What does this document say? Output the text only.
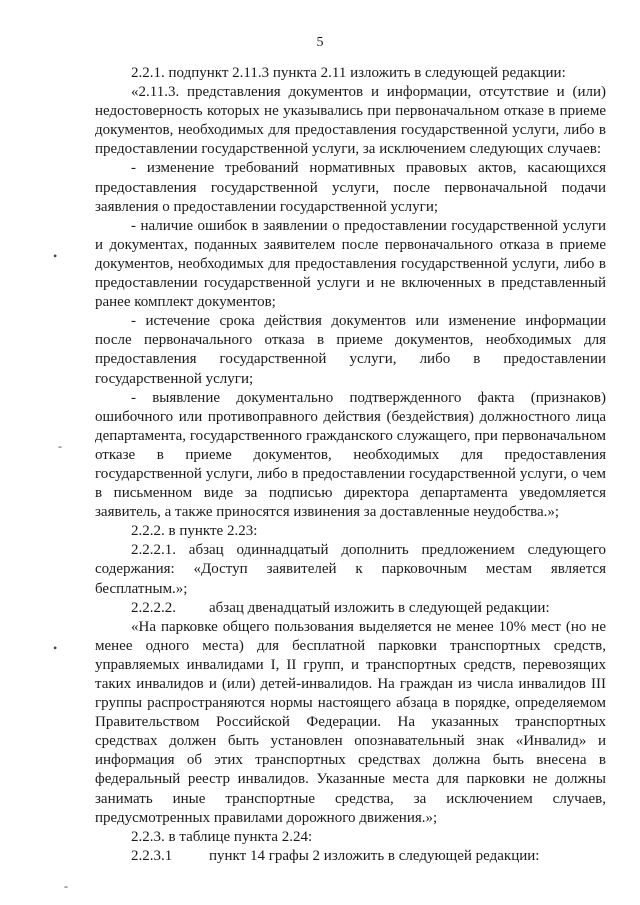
5
•
-
•
-

2.2.1. подпункт 2.11.3 пункта 2.11 изложить в следующей редакции:

«2.11.3. представления документов и информации, отсутствие и (или) недостоверность которых не указывались при первоначальном отказе в приеме документов, необходимых для предоставления государственной услуги, либо в предоставлении государственной услуги, за исключением следующих случаев:

- изменение требований нормативных правовых актов, касающихся предоставления государственной услуги, после первоначальной подачи заявления о предоставлении государственной услуги;

- наличие ошибок в заявлении о предоставлении государственной услуги и документах, поданных заявителем после первоначального отказа в приеме документов, необходимых для предоставления государственной услуги, либо в предоставлении государственной услуги и не включенных в представленный ранее комплект документов;

- истечение срока действия документов или изменение информации после первоначального отказа в приеме документов, необходимых для предоставления государственной услуги, либо в предоставлении государственной услуги;

- выявление документально подтвержденного факта (признаков) ошибочного или противоправного действия (бездействия) должностного лица департамента, государственного гражданского служащего, при первоначальном отказе в приеме документов, необходимых для предоставления государственной услуги, либо в предоставлении государственной услуги, о чем в письменном виде за подписью директора департамента уведомляется заявитель, а также приносятся извинения за доставленные неудобства.»;

2.2.2. в пункте 2.23:

2.2.2.1. абзац одиннадцатый дополнить предложением следующего содержания: «Доступ заявителей к парковочным местам является бесплатным.»;

2.2.2.2. абзац двенадцатый изложить в следующей редакции:

«На парковке общего пользования выделяется не менее 10% мест (но не менее одного места) для бесплатной парковки транспортных средств, управляемых инвалидами I, II групп, и транспортных средств, перевозящих таких инвалидов и (или) детей-инвалидов. На граждан из числа инвалидов III группы распространяются нормы настоящего абзаца в порядке, определяемом Правительством Российской Федерации. На указанных транспортных средствах должен быть установлен опознавательный знак «Инвалид» и информация об этих транспортных средствах должна быть внесена в федеральный реестр инвалидов. Указанные места для парковки не должны занимать иные транспортные средства, за исключением случаев, предусмотренных правилами дорожного движения.»;

2.2.3. в таблице пункта 2.24:

2.2.3.1 пункт 14 графы 2 изложить в следующей редакции:
